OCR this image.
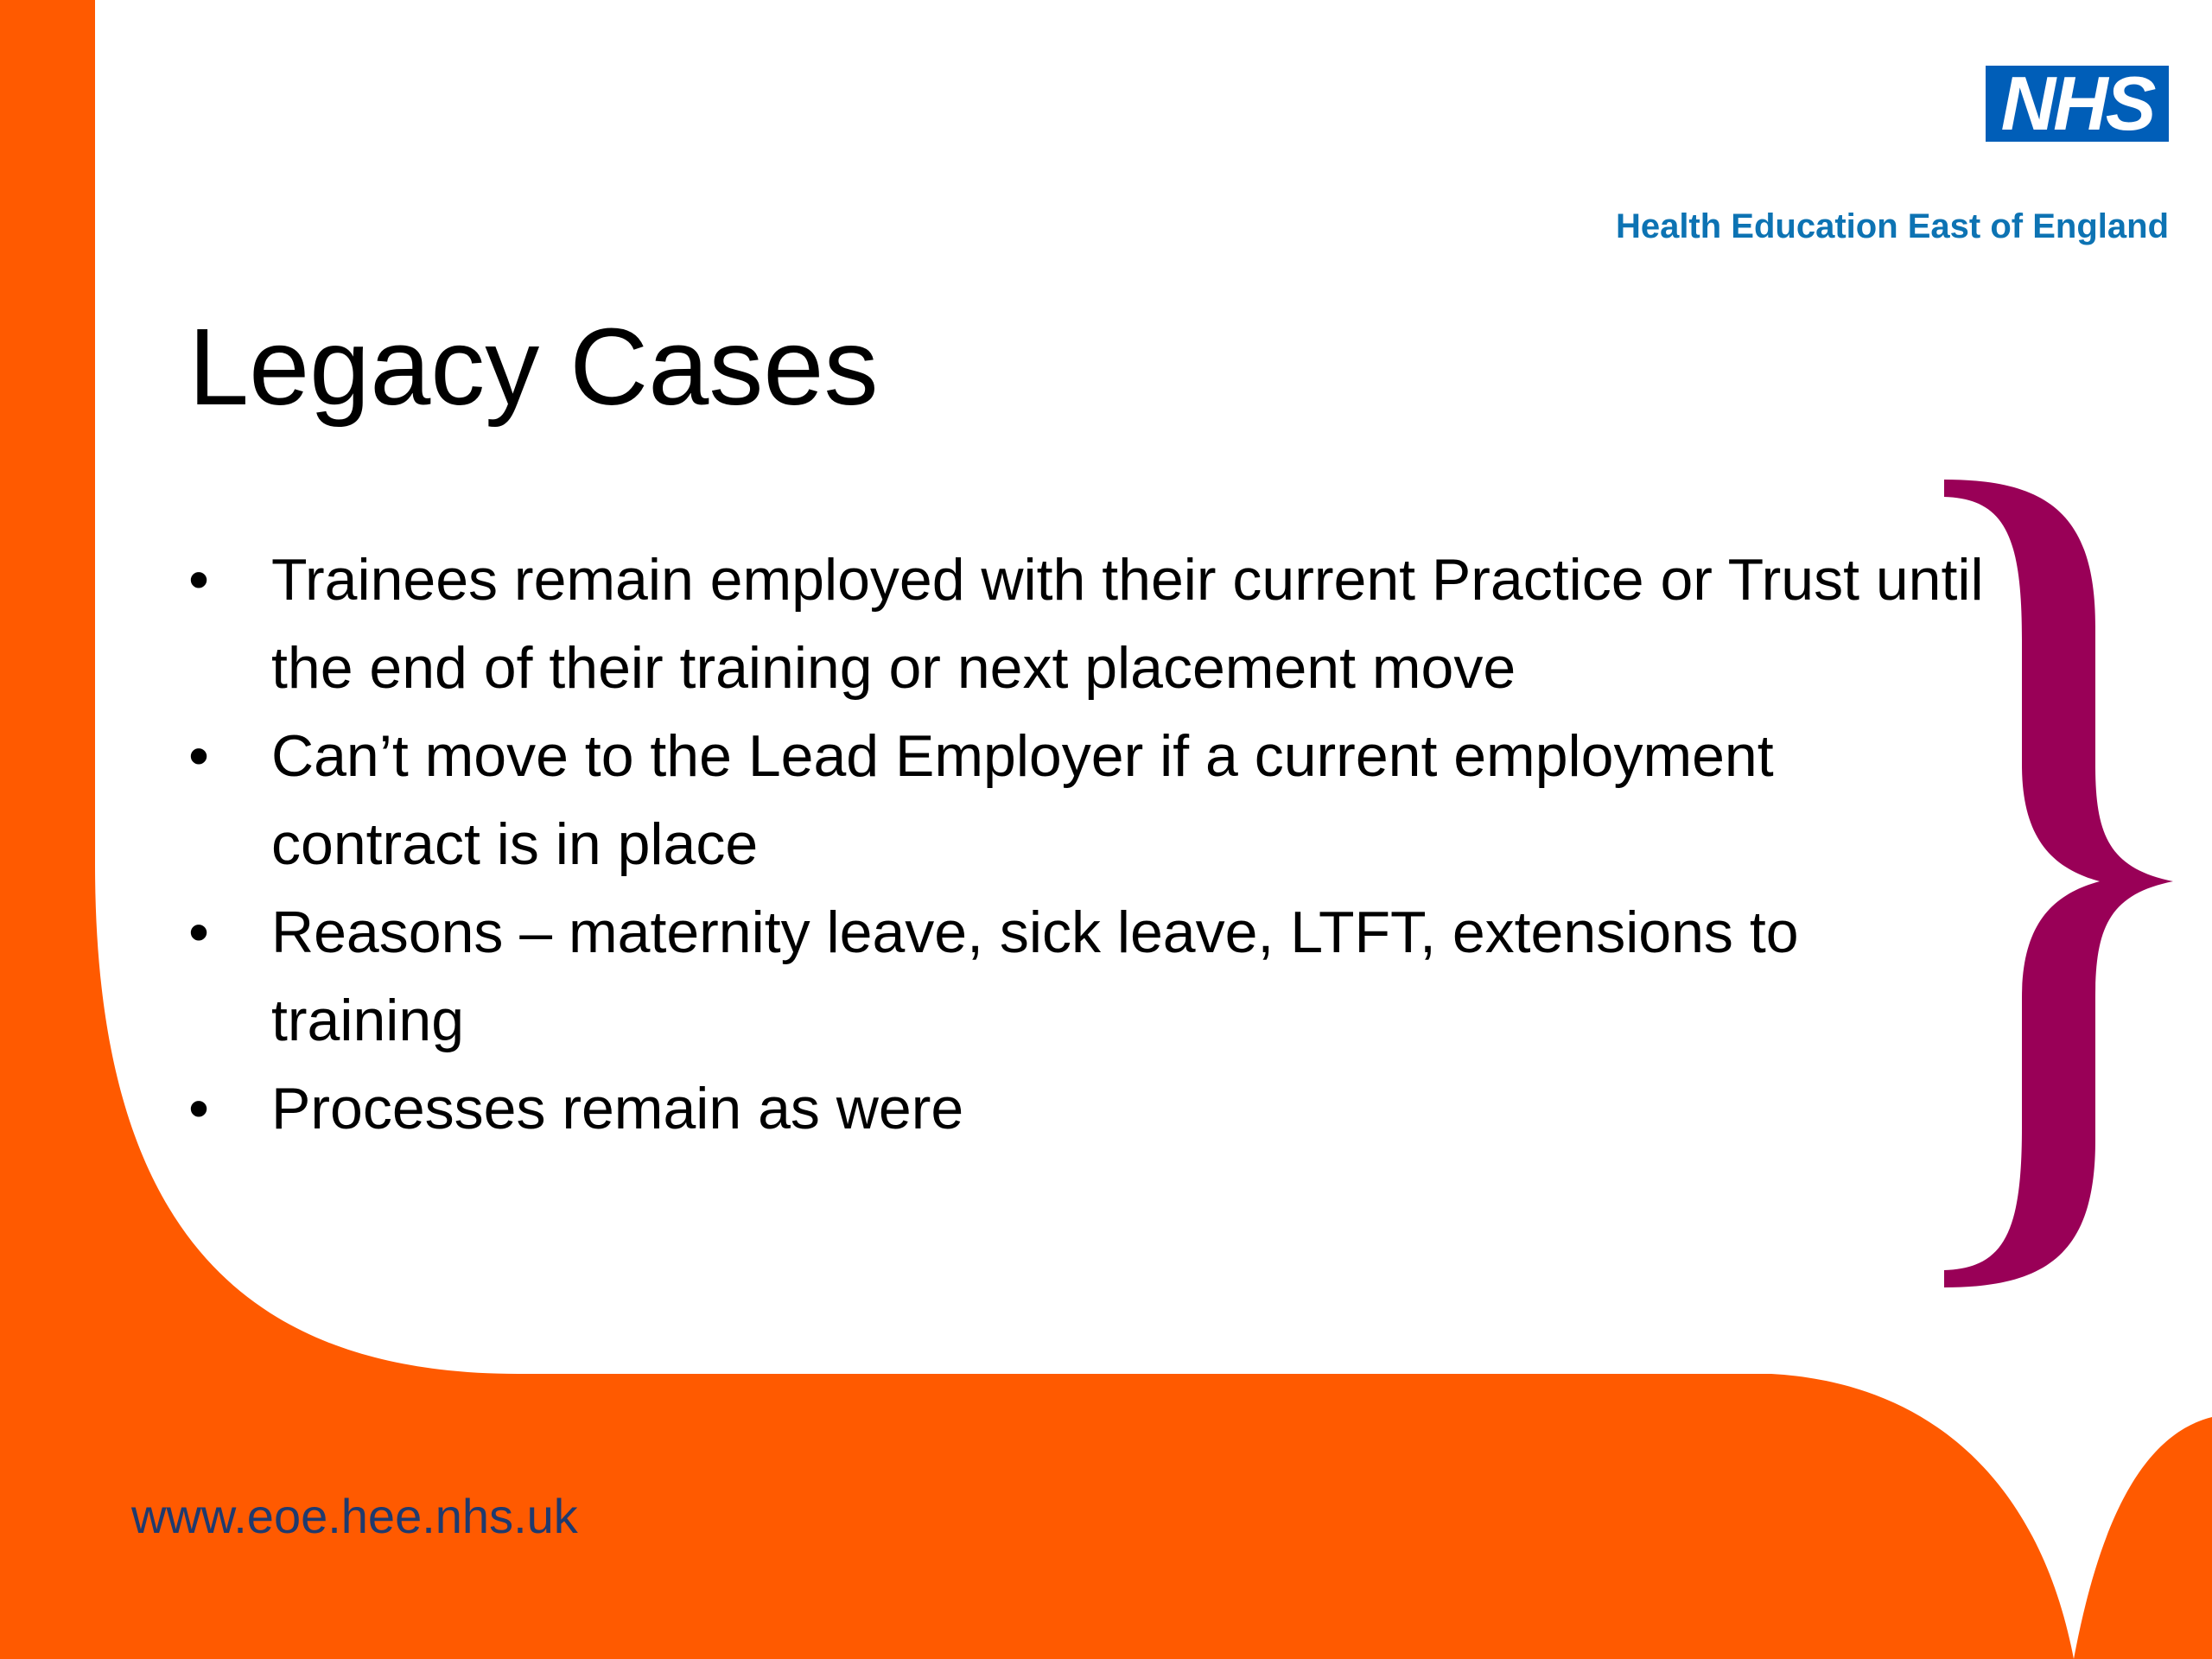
NHS
Health Education East of England
Legacy Cases
• Trainees remain employed with their current Practice or Trust until the end of their training or next placement move
• Can’t move to the Lead Employer if a current employment contract is in place
• Reasons – maternity leave, sick leave, LTFT, extensions to training
• Processes remain as were
www.eoe.hee.nhs.uk
